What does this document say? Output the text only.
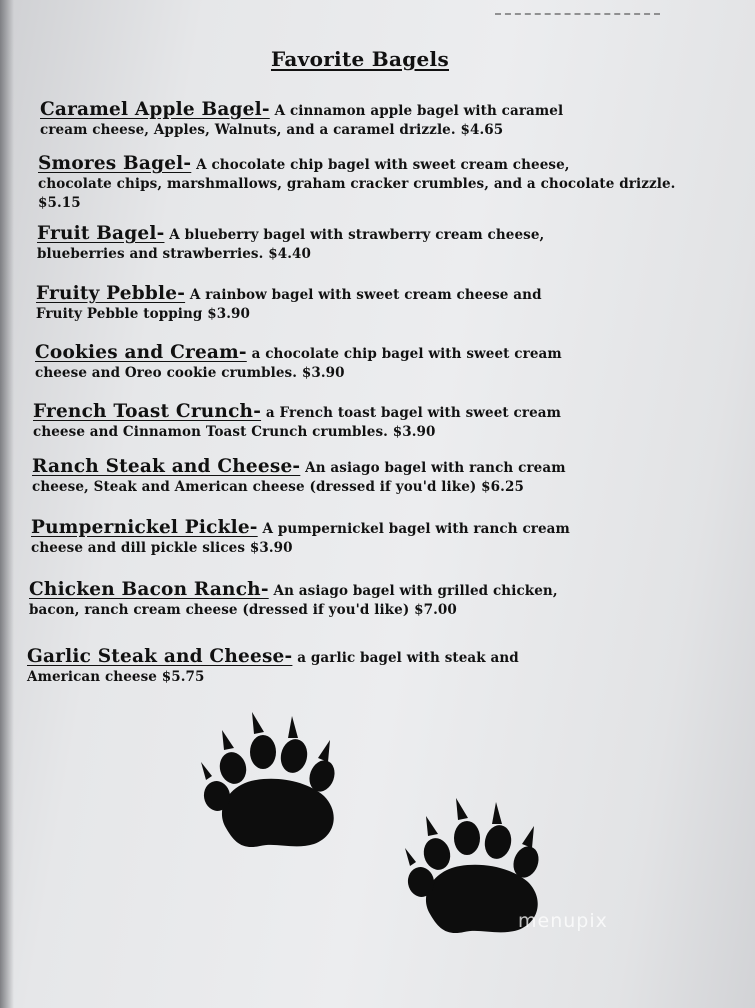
Favorite Bagels
Caramel Apple Bagel- A cinnamon apple bagel with caramel
cream cheese, Apples, Walnuts, and a caramel drizzle. $4.65
Smores Bagel- A chocolate chip bagel with sweet cream cheese,
chocolate chips, marshmallows, graham cracker crumbles, and a chocolate drizzle. $5.15
Fruit Bagel- A blueberry bagel with strawberry cream cheese,
blueberries and strawberries. $4.40
Fruity Pebble- A rainbow bagel with sweet cream cheese and
Fruity Pebble topping $3.90
Cookies and Cream- a chocolate chip bagel with sweet cream
cheese and Oreo cookie crumbles. $3.90
French Toast Crunch- a French toast bagel with sweet cream
cheese and Cinnamon Toast Crunch crumbles. $3.90
Ranch Steak and Cheese- An asiago bagel with ranch cream
cheese, Steak and American cheese (dressed if you'd like) $6.25
Pumpernickel Pickle- A pumpernickel bagel with ranch cream
cheese and dill pickle slices $3.90
Chicken Bacon Ranch- An asiago bagel with grilled chicken,
bacon, ranch cream cheese (dressed if you'd like) $7.00
Garlic Steak and Cheese- a garlic bagel with steak and
American cheese $5.75
menupix
